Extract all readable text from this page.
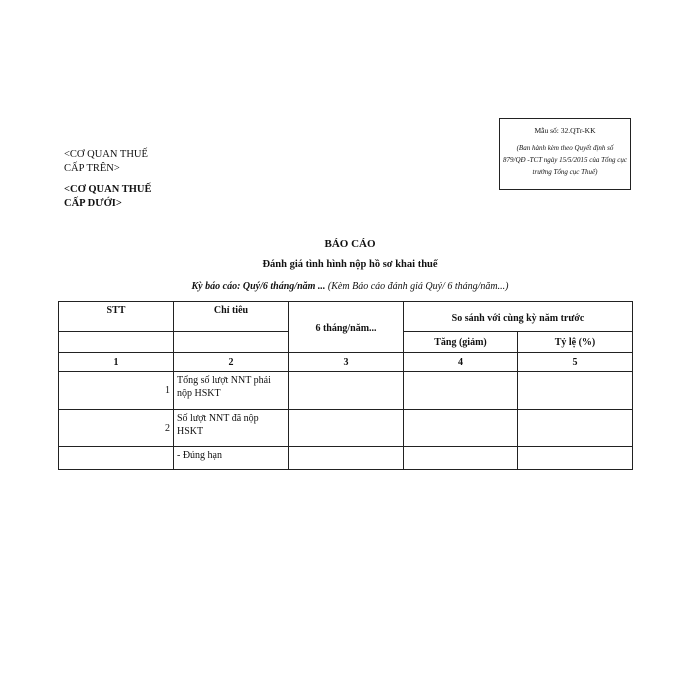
Mẫu số: 32.QTr-KK
(Ban hành kèm theo Quyết định số
879/QĐ -TCT ngày 15/5/2015 của Tổng cục trưởng Tổng cục Thuế)
<CƠ QUAN THUẾ
CẤP TRÊN>
<CƠ QUAN THUẾ
CẤP DƯỚI>
BÁO CÁO
Đánh giá tình hình nộp hồ sơ khai thuế
Kỳ báo cáo: Quý/6 tháng/năm ... (Kèm Báo cáo đánh giá Quý/ 6 tháng/năm...)
STT	Chỉ tiêu	6 tháng/năm...	So sánh với cùng kỳ năm trước	
			Tăng (giảm)	Tỷ lệ (%)
1	2	3	4	5
1	Tổng số lượt NNT phải nộp HSKT			
2	Số lượt NNT đã nộp HSKT			
	- Đúng hạn			
